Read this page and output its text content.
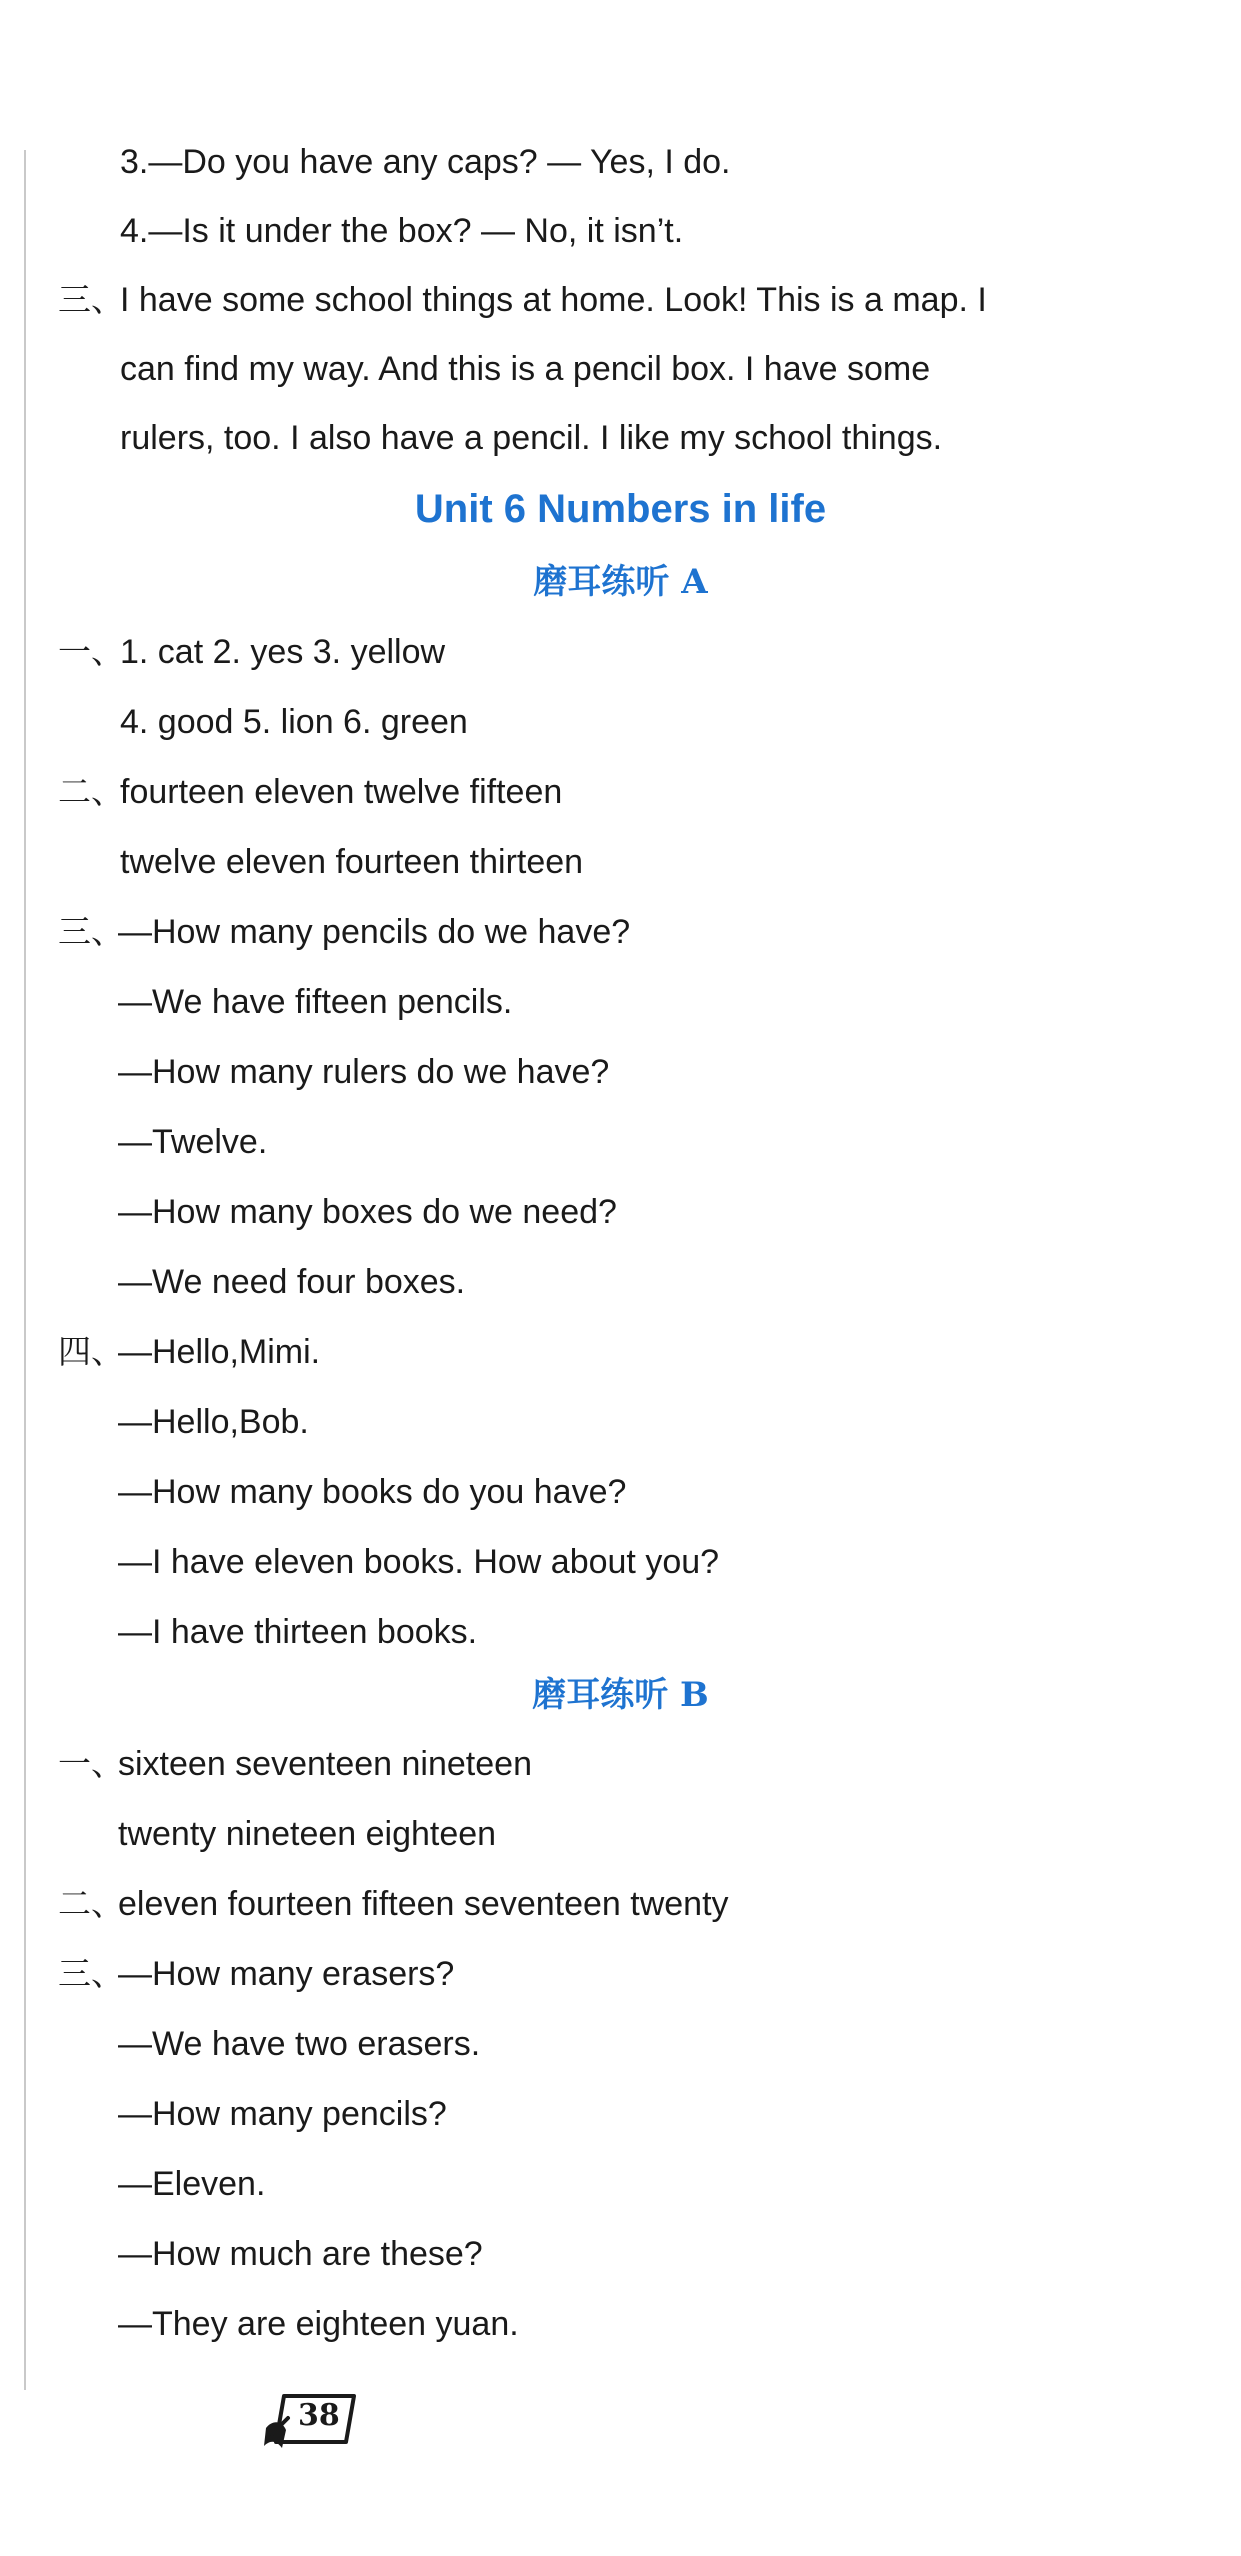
3.—Do you have any caps? — Yes, I do.
4.—Is it under the box? — No, it isn’t.
三、
I have some school things at home. Look! This is a map. I
can find my way. And this is a pencil box. I have some
rulers, too. I also have a pencil. I like my school things.
Unit 6 Numbers in life
磨耳练听 A
一、
1. cat 2. yes 3. yellow
4. good 5. lion 6. green
二、
fourteen eleven twelve fifteen
twelve eleven fourteen thirteen
三、
—How many pencils do we have?
—We have fifteen pencils.
—How many rulers do we have?
—Twelve.
—How many boxes do we need?
—We need four boxes.
四、
—Hello,Mimi.
—Hello,Bob.
—How many books do you have?
—I have eleven books. How about you?
—I have thirteen books.
磨耳练听 B
一、
sixteen seventeen nineteen
twenty nineteen eighteen
二、
eleven fourteen fifteen seventeen twenty
三、
—How many erasers?
—We have two erasers.
—How many pencils?
—Eleven.
—How much are these?
—They are eighteen yuan.
38
